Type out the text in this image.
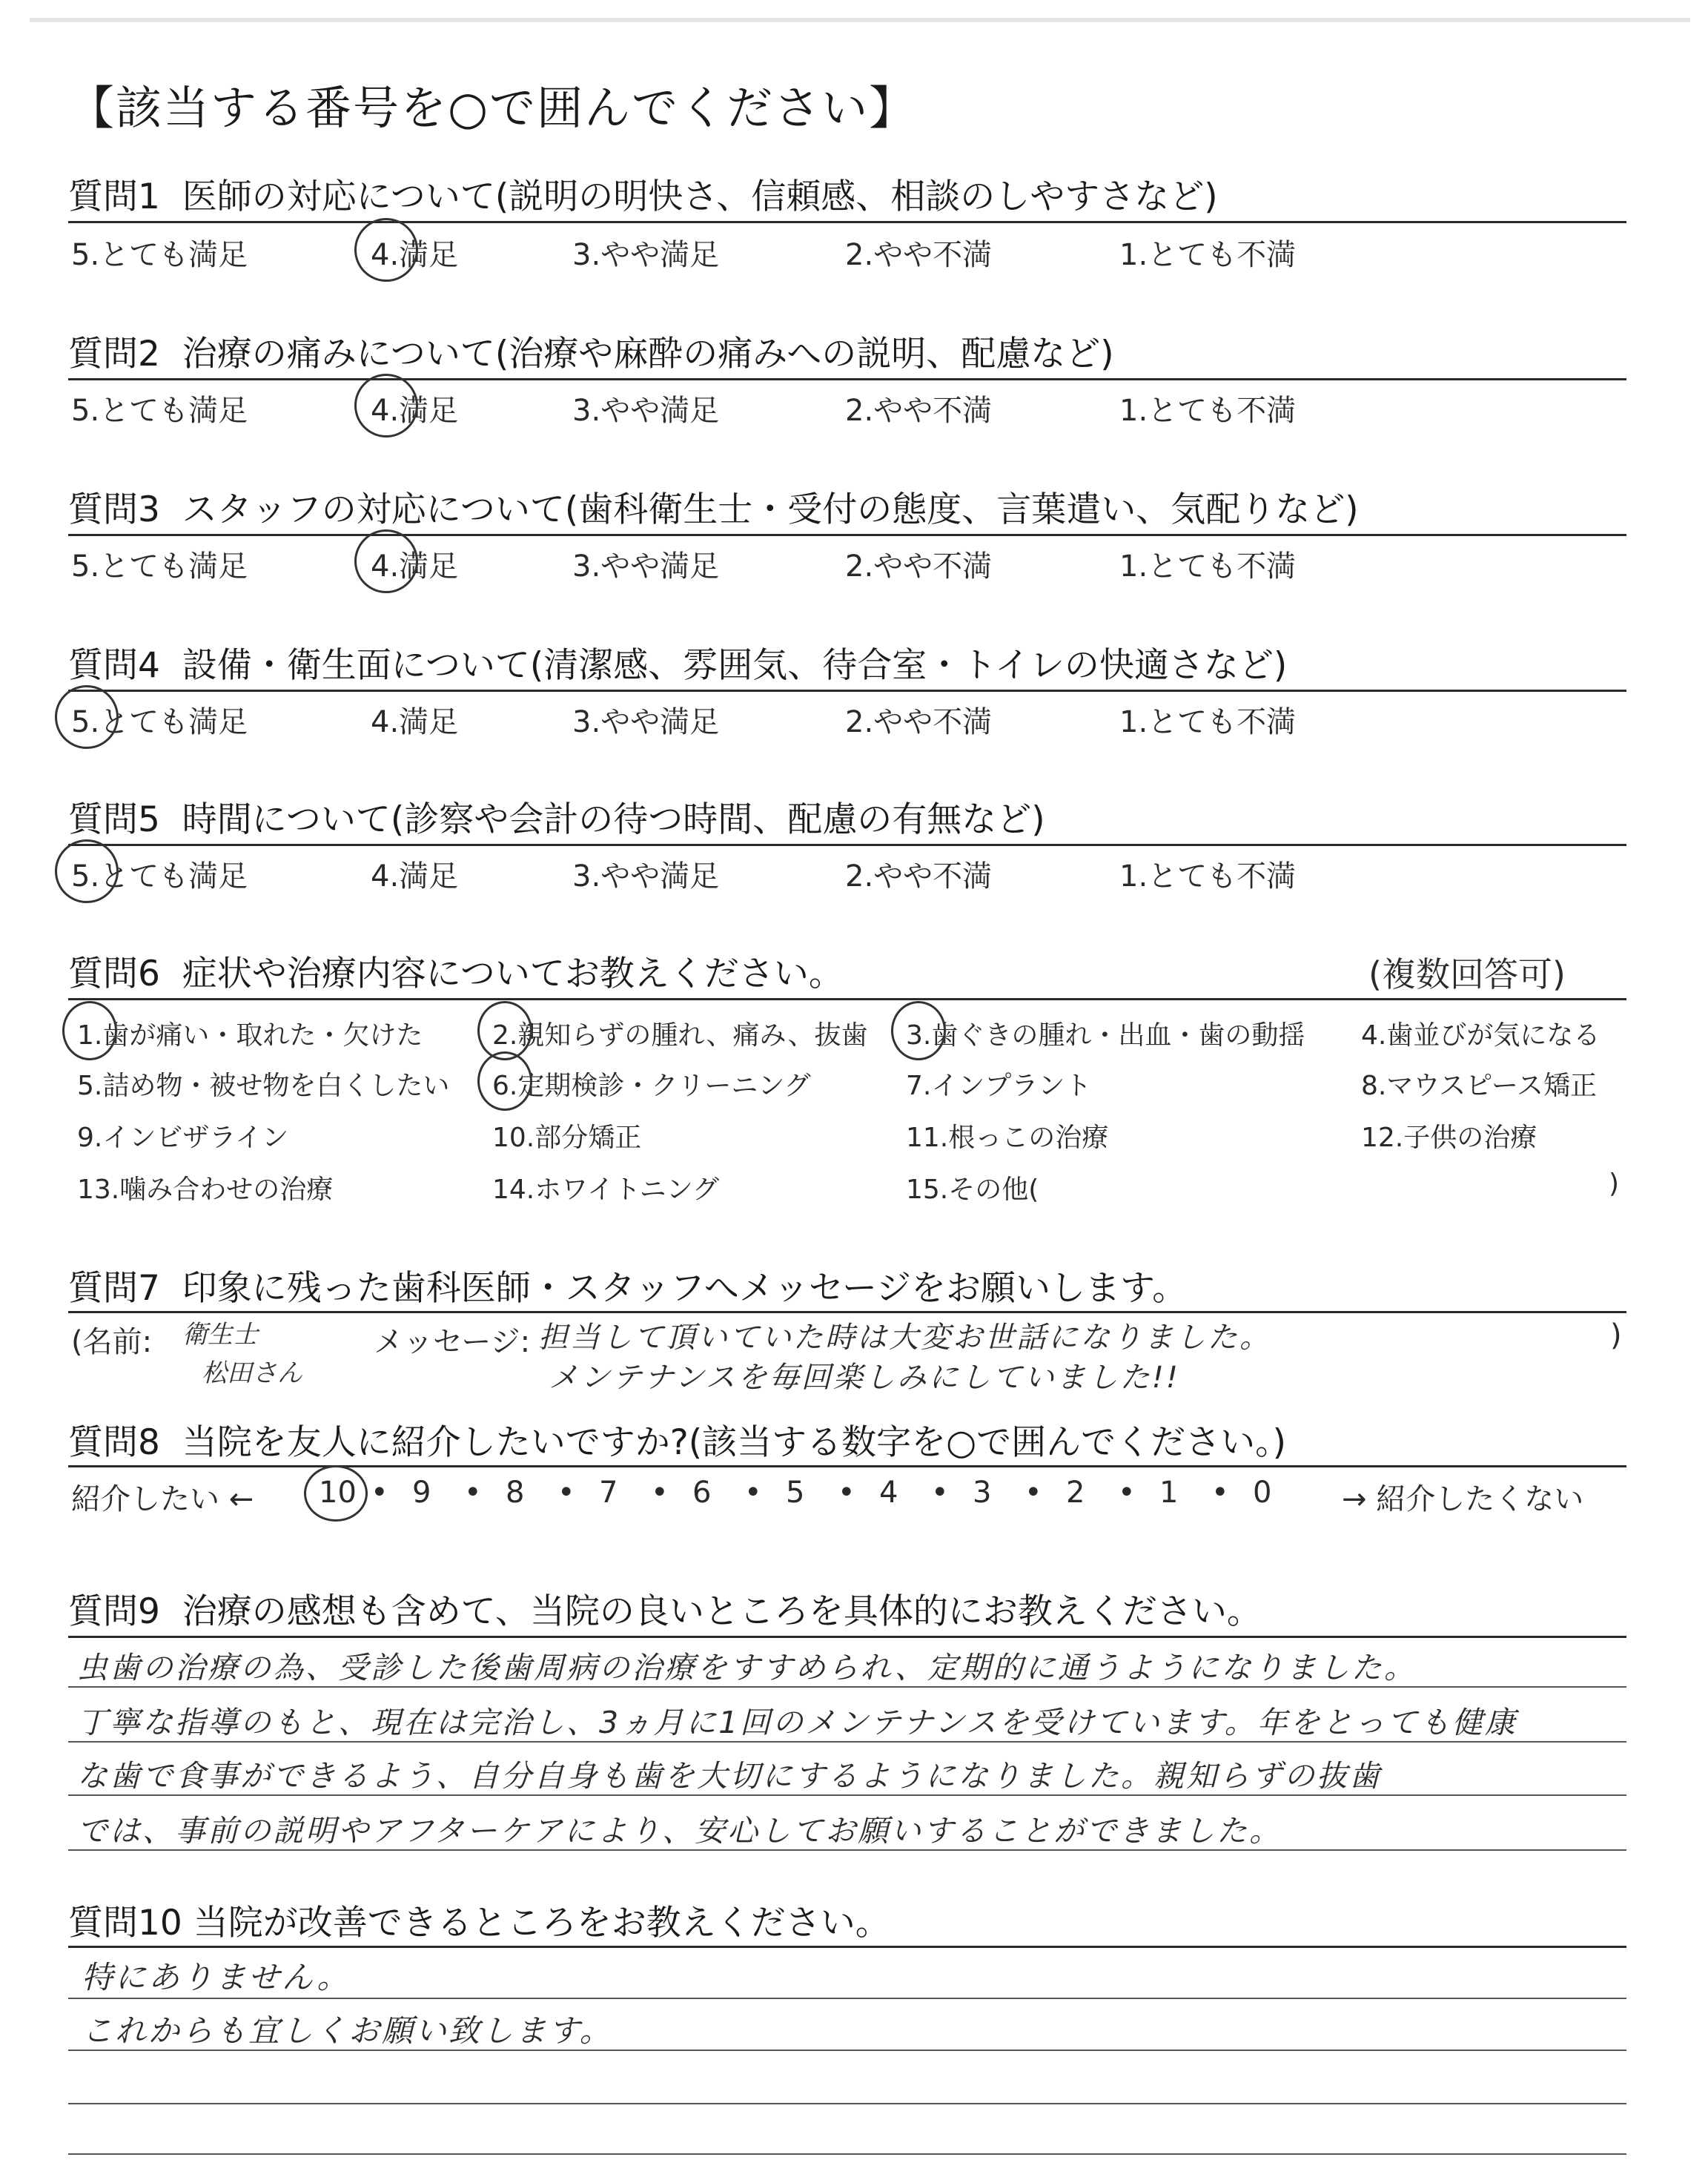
【該当する番号を○で囲んでください】
質問1 医師の対応について(説明の明快さ、信頼感、相談のしやすさなど)
質問2 治療の痛みについて(治療や麻酔の痛みへの説明、配慮など)
質問3 スタッフの対応について(歯科衛生士・受付の態度、言葉遣い、気配りなど)
質問4 設備・衛生面について(清潔感、雰囲気、待合室・トイレの快適さなど)
質問5 時間について(診察や会計の待つ時間、配慮の有無など)
質問6 症状や治療内容についてお教えください。	(複数回答可)
質問7 印象に残った歯科医師・スタッフへメッセージをお願いします。
(名前: 衛生士
松田さん
メッセージ: 担当して頂いていた時は大変お世話になりました。
メンテナンスを毎回楽しみにしていました!!
)
質問8 当院を友人に紹介したいですか?(該当する数字を○で囲んでください。)
紹介したい ←	→ 紹介したくない
質問9 治療の感想も含めて、当院の良いところを具体的にお教えください。
虫歯の治療の為、受診した後歯周病の治療をすすめられ、定期的に通うようになりました。
丁寧な指導のもと、現在は完治し、3ヵ月に1回のメンテナンスを受けています。年をとっても健康
な歯で食事ができるよう、自分自身も歯を大切にするようになりました。親知らずの抜歯
では、事前の説明やアフターケアにより、安心してお願いすることができました。
質問10 当院が改善できるところをお教えください。
特にありません。
これからも宜しくお願い致します。
5.とても満足	4.満足	3.やや満足	2.やや不満	1.とても不満
5.とても満足	4.満足	3.やや満足	2.やや不満	1.とても不満
5.とても満足	4.満足	3.やや満足	2.やや不満	1.とても不満
5.とても満足	4.満足	3.やや満足	2.やや不満	1.とても不満
5.とても満足	4.満足	3.やや満足	2.やや不満	1.とても不満
1.歯が痛い・取れた・欠けた	2.親知らずの腫れ、痛み、抜歯 3.歯ぐきの腫れ・出血・歯の動揺 4.歯並びが気になる
5.詰め物・被せ物を白くしたい 6.定期検診・クリーニング	7.インプラント	8.マウスピース矯正
9.インビザライン	10.部分矯正	11.根っこの治療	12.子供の治療
13.噛み合わせの治療	14.ホワイトニング	15.その他(	)
10 • 9 • 8 • 7 • 6 • 5 • 4 • 3 • 2 • 1 • 0
